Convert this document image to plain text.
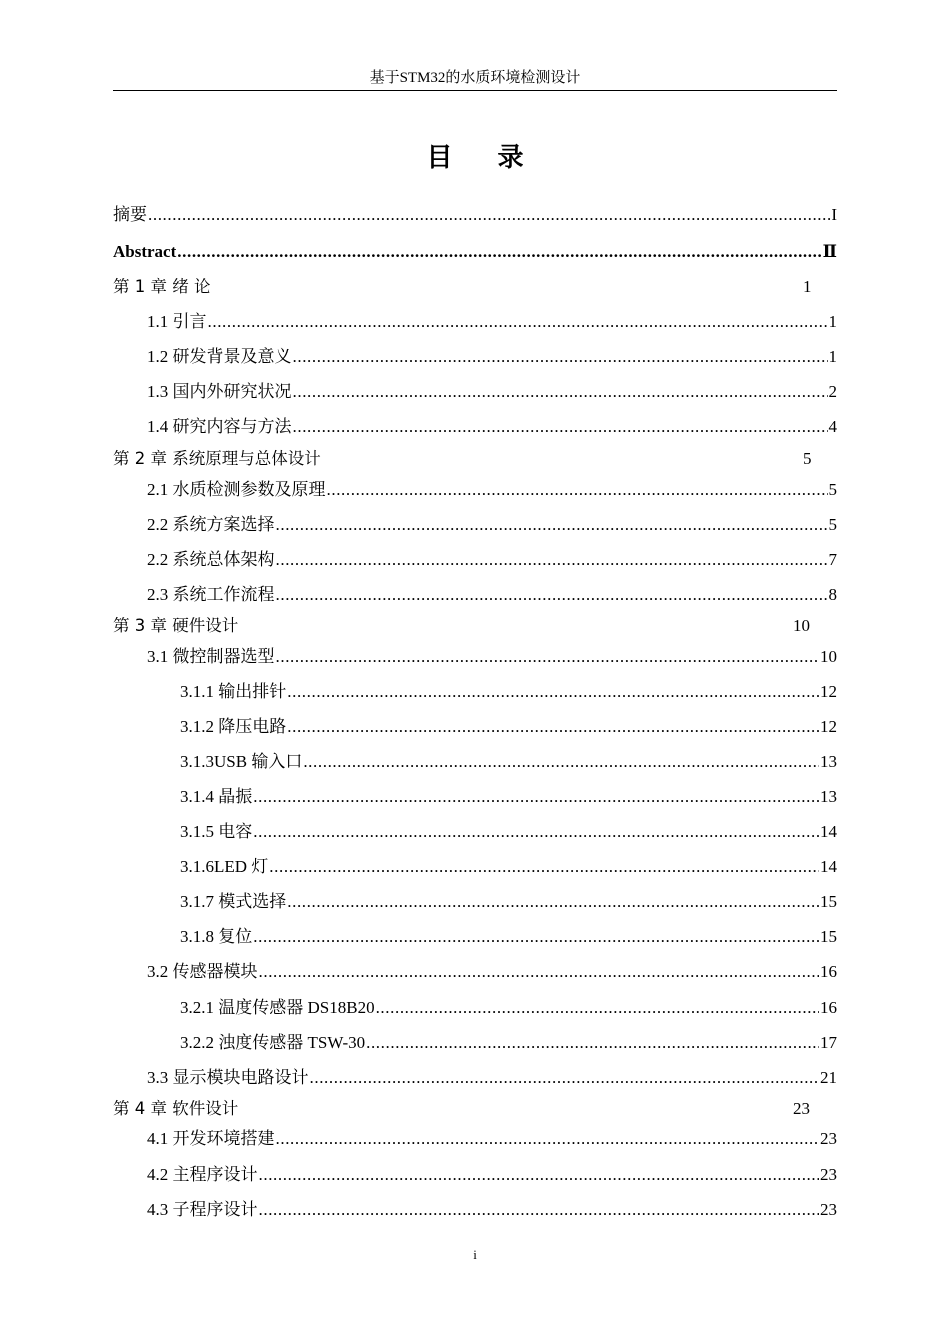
基于STM32的水质环境检测设计
目 录
摘要 .....	I
Abstract .....	Ⅱ
第 1 章 绪 论	1
1.1 引言 .....	1
1.2 研发背景及意义 .....	1
1.3 国内外研究状况 .....	2
1.4 研究内容与方法 .....	4
第 2 章 系统原理与总体设计	5
2.1 水质检测参数及原理 .....	5
2.2 系统方案选择 .....	5
2.2 系统总体架构 .....	7
2.3 系统工作流程 .....	8
第 3 章 硬件设计	10
3.1 微控制器选型 .....	10
3.1.1 输出排针 .....	12
3.1.2 降压电路 .....	12
3.1.3USB 输入口 .....	13
3.1.4 晶振 .....	13
3.1.5 电容 .....	14
3.1.6LED 灯 .....	14
3.1.7 模式选择 .....	15
3.1.8 复位 .....	15
3.2 传感器模块 .....	16
3.2.1 温度传感器 DS18B20 .....	16
3.2.2 浊度传感器 TSW-30 .....	17
3.3 显示模块电路设计 .....	21
第 4 章 软件设计	23
4.1 开发环境搭建 .....	23
4.2 主程序设计 .....	23
4.3 子程序设计 .....	23
i
